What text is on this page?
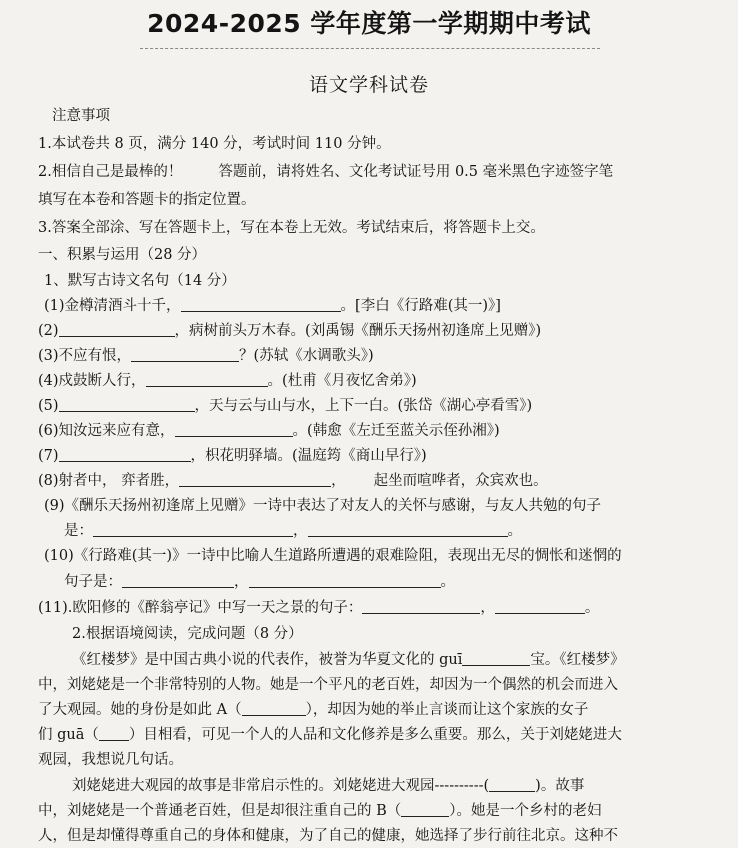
2024-2025 学年度第一学期期中考试
语文学科试卷
注意事项
1.本试卷共 8 页，满分 140 分，考试时间 110 分钟。
2.相信自己是最棒的！ 答题前，请将姓名、文化考试证号用 0.5 毫米黑色字迹签字笔
填写在本卷和答题卡的指定位置。
3.答案全部涂、写在答题卡上，写在本卷上无效。考试结束后，将答题卡上交。
一、积累与运用（28 分）
1、默写古诗文名句（14 分）
(1)金樽清酒斗十千，	。[李白《行路难(其一)》]
(2)	，病树前头万木春。(刘禹锡《酬乐天扬州初逢席上见赠》)
(3)不应有恨，	？(苏轼《水调歌头》)
(4)戍鼓断人行，	。(杜甫《月夜忆舍弟》)
(5)	，天与云与山与水，上下一白。(张岱《湖心亭看雪》)
(6)知汝远来应有意，	。(韩愈《左迁至蓝关示侄孙湘》)
(7)	，枳花明驿墙。(温庭筠《商山早行》)
(8)射者中， 弈者胜，	， 起坐而喧哗者，众宾欢也。
(9)《酬乐天扬州初逢席上见赠》一诗中表达了对友人的关怀与感谢，与友人共勉的句子
是：	，	。
(10)《行路难(其一)》一诗中比喻人生道路所遭遇的艰难险阻，表现出无尽的惆怅和迷惘的
句子是：	，	。
(11).欧阳修的《醉翁亭记》中写一天之景的句子：	，	。
2.根据语境阅读，完成问题（8 分）
《红楼梦》是中国古典小说的代表作，被誉为华夏文化的 guī	宝。《红楼梦》
中，刘姥姥是一个非常特别的人物。她是一个平凡的老百姓，却因为一个偶然的机会而进入
了大观园。她的身份是如此 A（	），却因为她的举止言谈而让这个家族的女子
们 guā（ ）目相看，可见一个人的人品和文化修养是多么重要。那么，关于刘姥姥进大
观园，我想说几句话。
刘姥姥进大观园的故事是非常启示性的。刘姥姥进大观园----------(	)。故事
中，刘姥姥是一个普通老百姓，但是却很注重自己的 B（	）。她是一个乡村的老妇
人，但是却懂得尊重自己的身体和健康，为了自己的健康，她选择了步行前往北京。这种不
